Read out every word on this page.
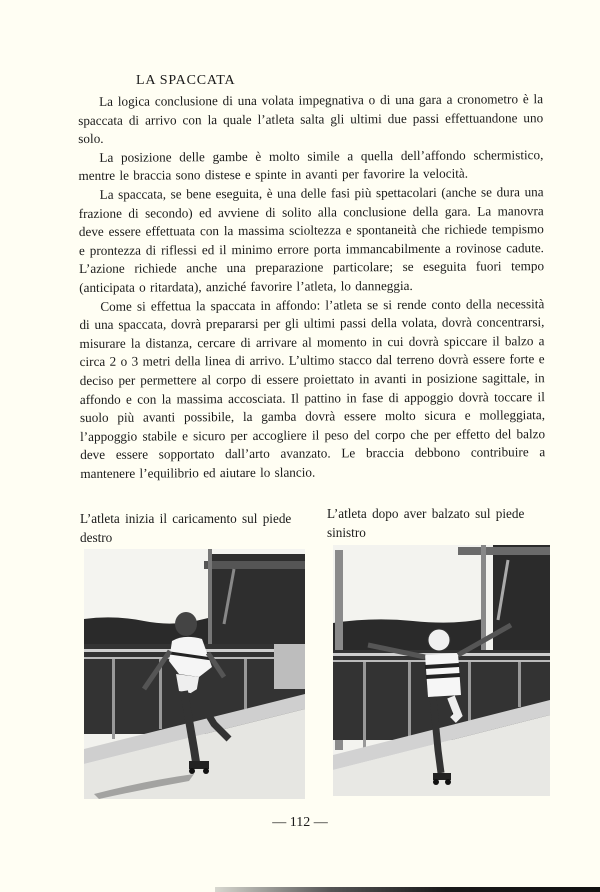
LA SPACCATA

La logica conclusione di una volata impegnativa o di una gara a cronometro è la spaccata di arrivo con la quale l’atleta salta gli ultimi due passi effettuandone uno solo.

La posizione delle gambe è molto simile a quella dell’affondo schermistico, mentre le braccia sono distese e spinte in avanti per favorire la velocità.

La spaccata, se bene eseguita, è una delle fasi più spettacolari (anche se dura una frazione di secondo) ed avviene di solito alla conclusione della gara. La manovra deve essere effettuata con la massima scioltezza e spontaneità che richiede tempismo e prontezza di riflessi ed il minimo errore porta immancabilmente a rovinose cadute. L’azione richiede anche una preparazione particolare; se eseguita fuori tempo (anticipata o ritardata), anziché favorire l’atleta, lo danneggia.

Come si effettua la spaccata in affondo: l’atleta se si rende conto della necessità di una spaccata, dovrà prepararsi per gli ultimi passi della volata, dovrà concentrarsi, misurare la distanza, cercare di arrivare al momento in cui dovrà spiccare il balzo a circa 2 o 3 metri della linea di arrivo. L’ultimo stacco dal terreno dovrà essere forte e deciso per permettere al corpo di essere proiettato in avanti in posizione sagittale, in affondo e con la massima accosciata. Il pattino in fase di appoggio dovrà toccare il suolo più avanti possibile, la gamba dovrà essere molto sicura e molleggiata, l’appoggio stabile e sicuro per accogliere il peso del corpo che per effetto del balzo deve essere sopportato dall’arto avanzato. Le braccia debbono contribuire a mantenere l’equilibrio ed aiutare lo slancio.

L’atleta inizia il caricamento sul piede destro
L’atleta dopo aver balzato sul piede sinistro
— 112 —
